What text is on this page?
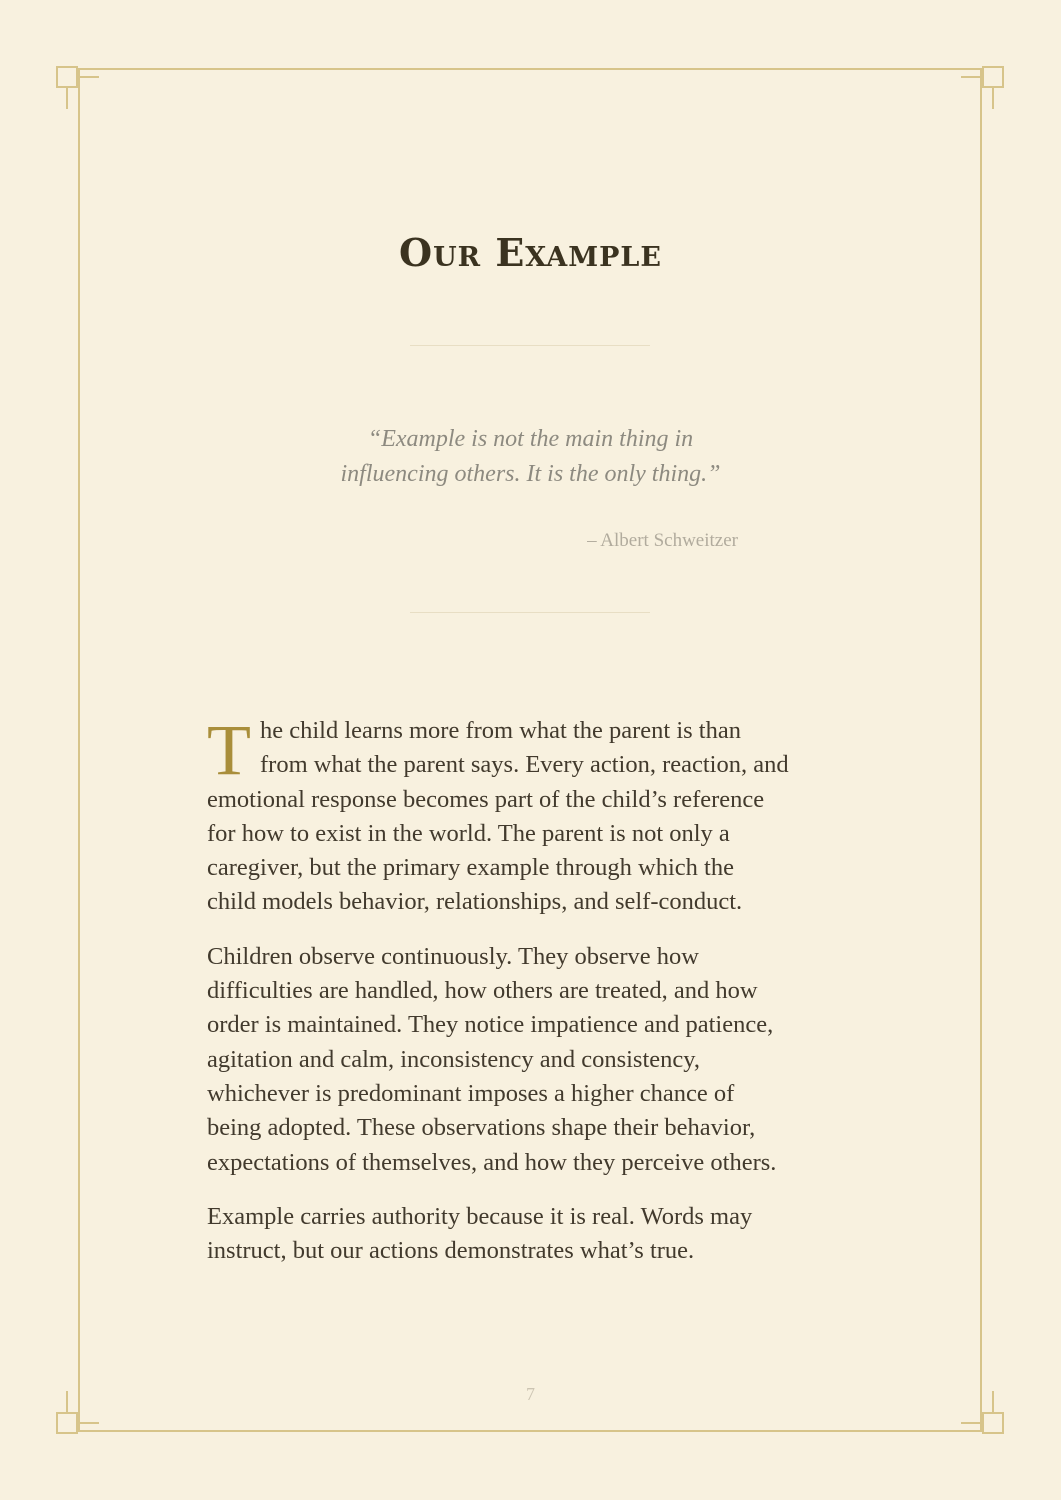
Our Example
“Example is not the main thing in
influencing others. It is the only thing.”
– Albert Schweitzer
T he child learns more from what the parent is than
from what the parent says. Every action, reaction, and
emotional response becomes part of the child’s reference
for how to exist in the world. The parent is not only a
caregiver, but the primary example through which the
child models behavior, relationships, and self-conduct.
Children observe continuously. They observe how
difficulties are handled, how others are treated, and how
order is maintained. They notice impatience and patience,
agitation and calm, inconsistency and consistency,
whichever is predominant imposes a higher chance of
being adopted. These observations shape their behavior,
expectations of themselves, and how they perceive others.
Example carries authority because it is real. Words may
instruct, but our actions demonstrates what’s true.
7
